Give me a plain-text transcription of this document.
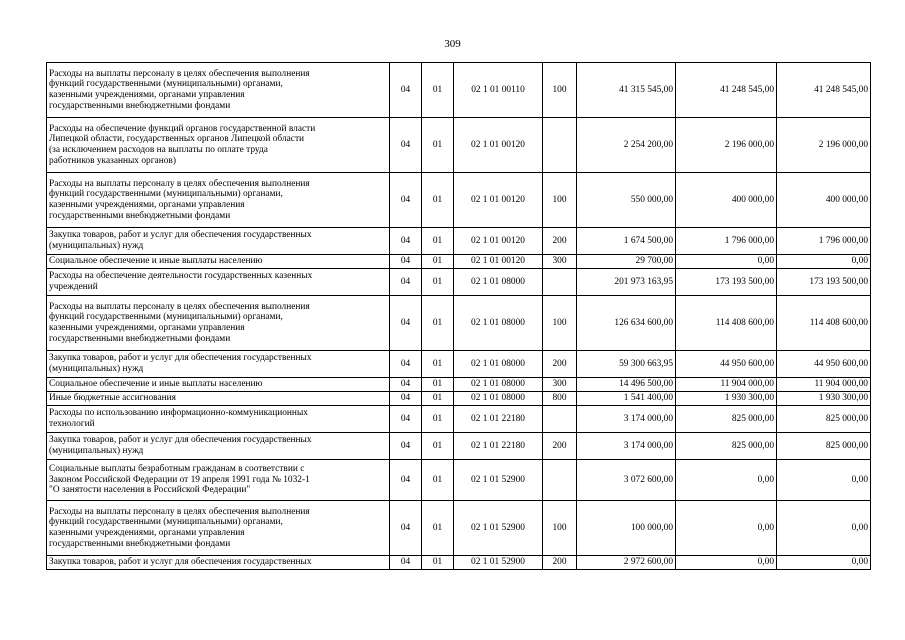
309
Расходы на выплаты персоналу в целях обеспечения выполнения
функций государственными (муниципальными) органами,
казенными учреждениями, органами управления
государственными внебюджетными фондами	04	01	02 1 01 00110	100	41 315 545,00	41 248 545,00	41 248 545,00
Расходы на обеспечение функций органов государственной власти
Липецкой области, государственных органов Липецкой области
(за исключением расходов на выплаты по оплате труда
работников указанных органов)	04	01	02 1 01 00120		2 254 200,00	2 196 000,00	2 196 000,00
Расходы на выплаты персоналу в целях обеспечения выполнения
функций государственными (муниципальными) органами,
казенными учреждениями, органами управления
государственными внебюджетными фондами	04	01	02 1 01 00120	100	550 000,00	400 000,00	400 000,00
Закупка товаров, работ и услуг для обеспечения государственных
(муниципальных) нужд	04	01	02 1 01 00120	200	1 674 500,00	1 796 000,00	1 796 000,00
Социальное обеспечение и иные выплаты населению	04	01	02 1 01 00120	300	29 700,00	0,00	0,00
Расходы на обеспечение деятельности государственных казенных
учреждений	04	01	02 1 01 08000		201 973 163,95	173 193 500,00	173 193 500,00
Расходы на выплаты персоналу в целях обеспечения выполнения
функций государственными (муниципальными) органами,
казенными учреждениями, органами управления
государственными внебюджетными фондами	04	01	02 1 01 08000	100	126 634 600,00	114 408 600,00	114 408 600,00
Закупка товаров, работ и услуг для обеспечения государственных
(муниципальных) нужд	04	01	02 1 01 08000	200	59 300 663,95	44 950 600,00	44 950 600,00
Социальное обеспечение и иные выплаты населению	04	01	02 1 01 08000	300	14 496 500,00	11 904 000,00	11 904 000,00
Иные бюджетные ассигнования	04	01	02 1 01 08000	800	1 541 400,00	1 930 300,00	1 930 300,00
Расходы по использованию информационно-коммуникационных
технологий	04	01	02 1 01 22180		3 174 000,00	825 000,00	825 000,00
Закупка товаров, работ и услуг для обеспечения государственных
(муниципальных) нужд	04	01	02 1 01 22180	200	3 174 000,00	825 000,00	825 000,00
Социальные выплаты безработным гражданам в соответствии с
Законом Российской Федерации от 19 апреля 1991 года № 1032-1
"О занятости населения в Российской Федерации"	04	01	02 1 01 52900		3 072 600,00	0,00	0,00
Расходы на выплаты персоналу в целях обеспечения выполнения
функций государственными (муниципальными) органами,
казенными учреждениями, органами управления
государственными внебюджетными фондами	04	01	02 1 01 52900	100	100 000,00	0,00	0,00
Закупка товаров, работ и услуг для обеспечения государственных	04	01	02 1 01 52900	200	2 972 600,00	0,00	0,00
